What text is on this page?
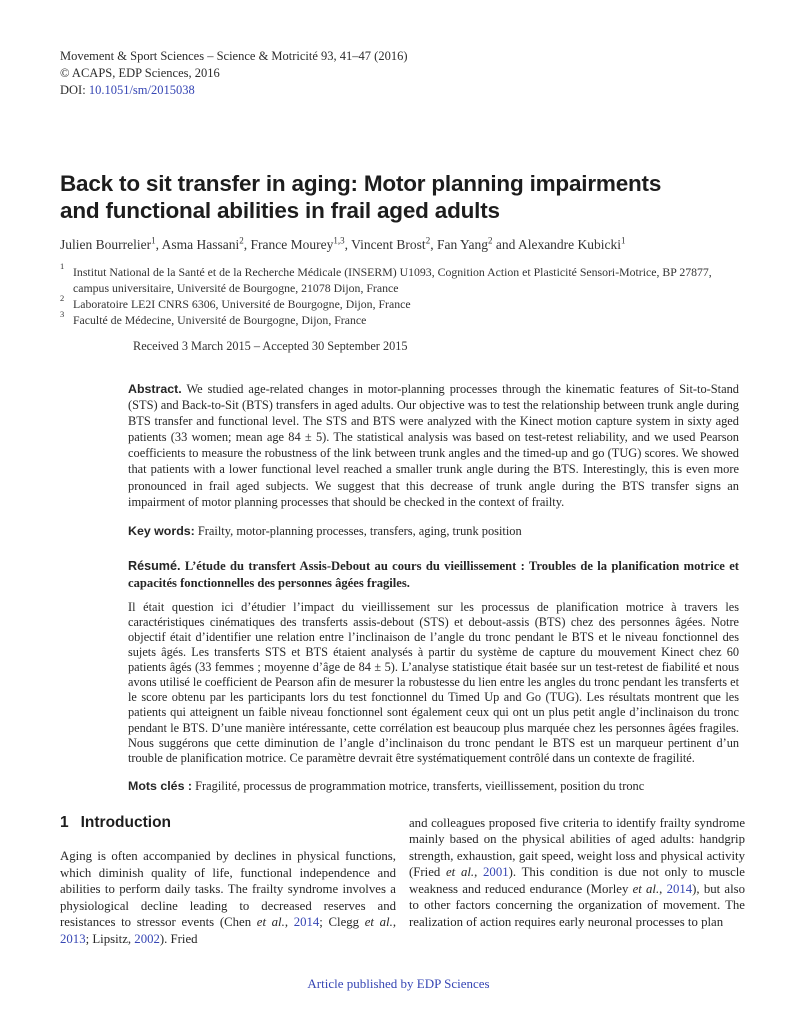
Movement & Sport Sciences – Science & Motricité 93, 41–47 (2016)
© ACAPS, EDP Sciences, 2016
DOI: 10.1051/sm/2015038
Back to sit transfer in aging: Motor planning impairments
and functional abilities in frail aged adults
Julien Bourrelier$^1$, Asma Hassani$^2$, France Mourey$^{1,3}$, Vincent Brost$^2$, Fan Yang$^2$ and Alexandre Kubicki$^1$
1 Institut National de la Santé et de la Recherche Médicale (INSERM) U1093, Cognition Action et Plasticité Sensori-Motrice, BP 27877, campus universitaire, Université de Bourgogne, 21078 Dijon, France
2 Laboratoire LE2I CNRS 6306, Université de Bourgogne, Dijon, France
3 Faculté de Médecine, Université de Bourgogne, Dijon, France
Received 3 March 2015 – Accepted 30 September 2015

Abstract. We studied age-related changes in motor-planning processes through the kinematic features of Sit-to-Stand (STS) and Back-to-Sit (BTS) transfers in aged adults. Our objective was to test the relationship between trunk angle during BTS transfer and functional level. The STS and BTS were analyzed with the Kinect motion capture system in sixty aged patients (33 women; mean age 84 ± 5). The statistical analysis was based on test-retest reliability, and we used Pearson coefficients to measure the robustness of the link between trunk angles and the timed-up and go (TUG) scores. We showed that patients with a lower functional level reached a smaller trunk angle during the BTS. Interestingly, this is even more pronounced in frail aged subjects. We suggest that this decrease of trunk angle during the BTS transfer signs an impairment of motor planning processes that should be checked in the context of frailty.

Key words: Frailty, motor-planning processes, transfers, aging, trunk position

Résumé. L’étude du transfert Assis-Debout au cours du vieillissement : Troubles de la planification motrice et capacités fonctionnelles des personnes âgées fragiles.

Il était question ici d’étudier l’impact du vieillissement sur les processus de planification motrice à travers les caractéristiques cinématiques des transferts assis-debout (STS) et debout-assis (BTS) chez des personnes âgées. Notre objectif était d’identifier une relation entre l’inclinaison de l’angle du tronc pendant le BTS et le niveau fonctionnel des sujets âgés. Les transferts STS et BTS étaient analysés à partir du système de capture du mouvement Kinect chez 60 patients âgés (33 femmes ; moyenne d’âge de 84 ± 5). L’analyse statistique était basée sur un test-retest de fiabilité et nous avons utilisé le coefficient de Pearson afin de mesurer la robustesse du lien entre les angles du tronc pendant les transferts et le score obtenu par les participants lors du test fonctionnel du Timed Up and Go (TUG). Les résultats montrent que les patients qui atteignent un faible niveau fonctionnel sont également ceux qui ont un plus petit angle d’inclinaison du tronc pendant le BTS. D’une manière intéressante, cette corrélation est beaucoup plus marquée chez les personnes âgées fragiles. Nous suggérons que cette diminution de l’angle d’inclinaison du tronc pendant le BTS est un marqueur pertinent d’un trouble de planification motrice. Ce paramètre devrait être systématiquement contrôlé dans un contexte de fragilité.

Mots clés : Fragilité, processus de programmation motrice, transferts, vieillissement, position du tronc

1 Introduction

Aging is often accompanied by declines in physical functions, which diminish quality of life, functional independence and abilities to perform daily tasks. The frailty syndrome involves a physiological decline leading to decreased reserves and resistances to stressor events (Chen et al., 2014; Clegg et al., 2013; Lipsitz, 2002). Fried

and colleagues proposed five criteria to identify frailty syndrome mainly based on the physical abilities of aged adults: handgrip strength, exhaustion, gait speed, weight loss and physical activity (Fried et al., 2001). This condition is due not only to muscle weakness and reduced endurance (Morley et al., 2014), but also to other factors concerning the organization of movement. The realization of action requires early neuronal processes to plan

Article published by EDP Sciences
